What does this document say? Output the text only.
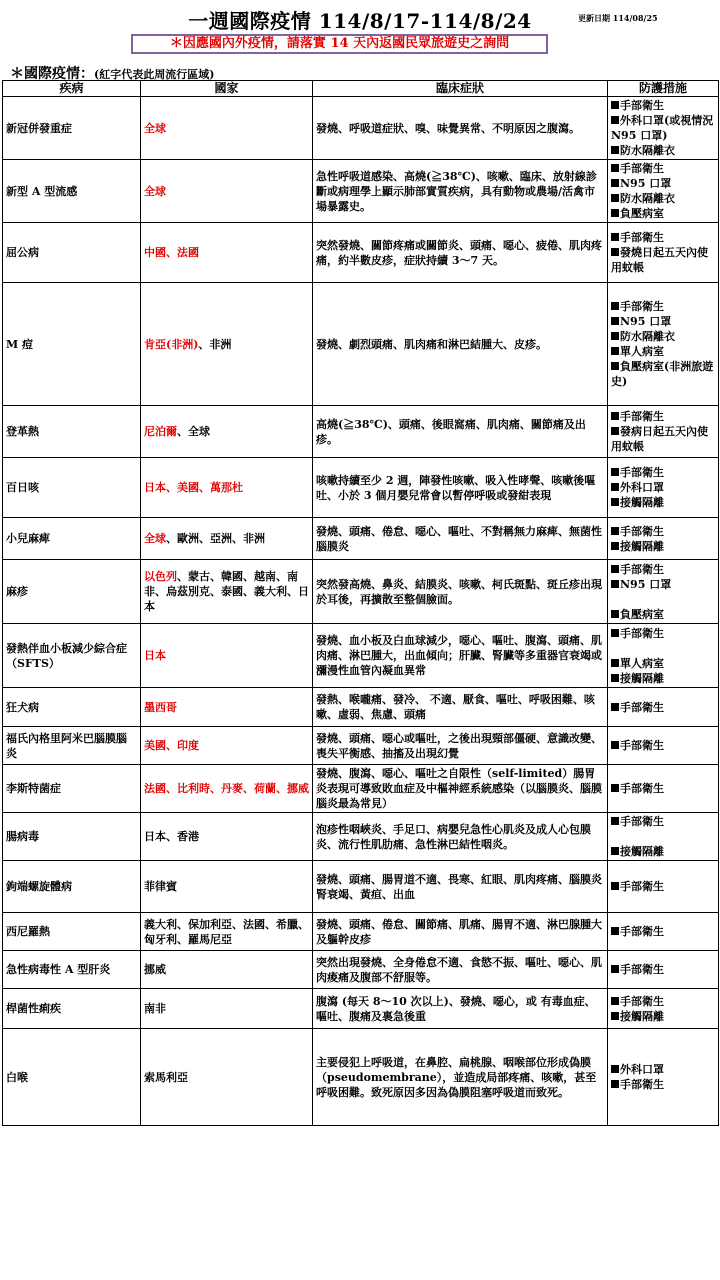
一週國際疫情 114/8/17-114/8/24	更新日期 114/08/25
＊因應國內外疫情，請落實 14 天內返國民眾旅遊史之詢問
＊國際疫情：(紅字代表此周流行區域)
疾病	國家	臨床症狀	防護措施
新冠併發重症	全球	發燒、呼吸道症狀、嗅、味覺異常、不明原因之腹瀉。	手部衛生
外科口罩(或視情況 N95 口罩)
防水隔離衣

新型 A 型流感	全球	急性呼吸道感染、高燒(≧38℃)、咳嗽、臨床、放射線診斷或病理學上顯示肺部實質疾病，具有動物或農場/活禽市場暴露史。	手部衛生
N95 口罩
防水隔離衣
負壓病室

屈公病	中國、法國	突然發燒、關節疼痛或關節炎、頭痛、噁心、疲倦、肌肉疼痛，約半數皮疹，症狀持續 3～7 天。	手部衛生
發燒日起五天內使用蚊帳

M 痘	肯亞(非洲)、非洲	發燒、劇烈頭痛、肌肉痛和淋巴結腫大、皮疹。	手部衛生
N95 口罩
防水隔離衣
單人病室
負壓病室(非洲旅遊史)

登革熱	尼泊爾、全球	高燒(≧38℃)、頭痛、後眼窩痛、肌肉痛、關節痛及出疹。	手部衛生
發病日起五天內使用蚊帳

百日咳	日本、美國、萬那杜	咳嗽持續至少 2 週，陣發性咳嗽、吸入性哮聲、咳嗽後嘔吐、小於 3 個月嬰兒常會以暫停呼吸或發紺表現	手部衛生
外科口罩
接觸隔離

小兒麻痺	全球、歐洲、亞洲、非洲	發燒、頭痛、倦怠、噁心、嘔吐、不對稱無力麻痺、無菌性腦膜炎	手部衛生
接觸隔離

麻疹	以色列、蒙古、韓國、越南、南非、烏茲別克、泰國、義大利、日本	突然發高燒、鼻炎、結膜炎、咳嗽、柯氏斑點、斑丘疹出現於耳後，再擴散至整個臉面。	手部衛生
N95 口罩

負壓病室

發熱伴血小板減少綜合症（SFTS）	日本	發燒、血小板及白血球減少，噁心、嘔吐、腹瀉、頭痛、肌肉痛、淋巴腫大，出血傾向；肝臟、腎臟等多重器官衰竭或瀰漫性血管內凝血異常	手部衛生

單人病室
接觸隔離

狂犬病	墨西哥	發熱、喉嚨痛、發冷、 不適、厭食、嘔吐、呼吸困難、咳嗽、虛弱、焦慮、頭痛	手部衛生

福氏內格里阿米巴腦膜腦炎	美國、印度	發燒、頭痛、噁心或嘔吐，之後出現頸部僵硬、意識改變、喪失平衡感、抽搐及出現幻覺	手部衛生

李斯特菌症	法國、比利時、丹麥、荷蘭、挪威	發燒、腹瀉、噁心、嘔吐之自限性（self-limited）腸胃炎表現可導致敗血症及中樞神經系統感染（以腦膜炎、腦膜腦炎最為常見）	手部衛生

腸病毒	日本、香港	泡疹性咽峽炎、手足口、病嬰兒急性心肌炎及成人心包膜炎、流行性肌肋痛、急性淋巴結性咽炎。	手部衛生

接觸隔離

鉤端螺旋體病	菲律賓	發燒、頭痛、腸胃道不適、畏寒、紅眼、肌肉疼痛、腦膜炎腎衰竭、黃疸、出血	手部衛生

西尼羅熱	義大利、保加利亞、法國、希臘、匈牙利、羅馬尼亞	發燒、頭痛、倦怠、關節痛、肌痛、腸胃不適、淋巴腺腫大及軀幹皮疹	手部衛生

急性病毒性 A 型肝炎	挪威	突然出現發燒、全身倦怠不適、食慾不振、嘔吐、噁心、肌肉痠痛及腹部不舒服等。	手部衛生

桿菌性痢疾	南非	腹瀉 (每天 8～10 次以上)、發燒、噁心，或 有毒血症、嘔吐、腹痛及裏急後重	手部衛生
接觸隔離

白喉	索馬利亞	主要侵犯上呼吸道，在鼻腔、扁桃腺、咽喉部位形成偽膜（pseudomembrane），並造成局部疼痛、咳嗽，甚至呼吸困難。致死原因多因為偽膜阻塞呼吸道而致死。	外科口罩
手部衛生
